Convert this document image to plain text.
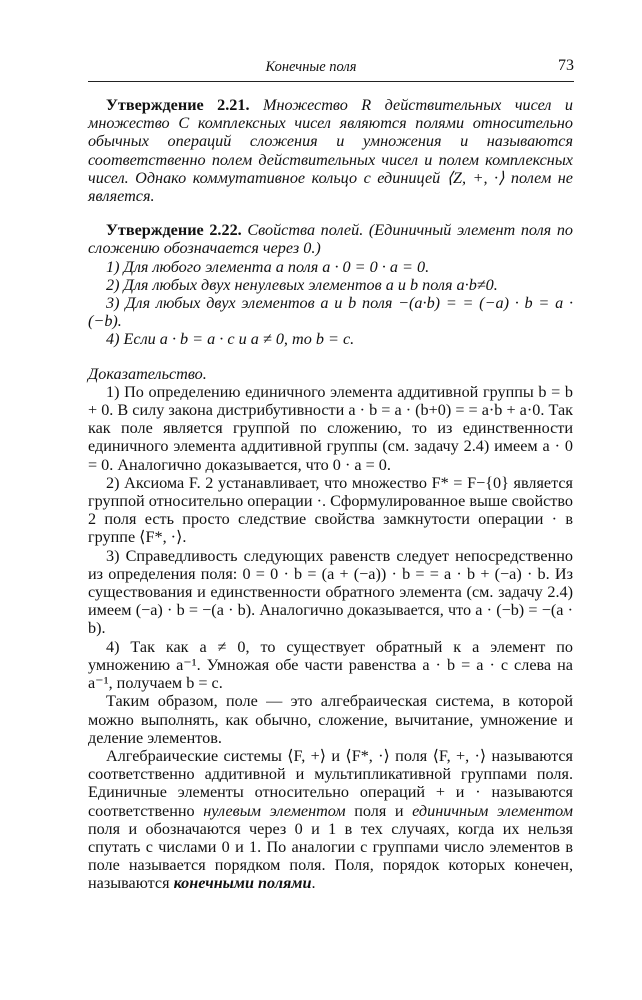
Конечные поля	73
Утверждение 2.21. Множество R действительных чисел и множество C комплексных чисел являются полями относительно обычных операций сложения и умножения и называются соответственно полем действительных чисел и полем комплексных чисел. Однако коммутативное кольцо с единицей ⟨Z, +, ·⟩ полем не является.
Утверждение 2.22. Свойства полей. (Единичный элемент поля по сложению обозначается через 0.)
1) Для любого элемента a поля a · 0 = 0 · a = 0.
2) Для любых двух ненулевых элементов a и b поля a·b≠0.
3) Для любых двух элементов a и b поля −(a·b) = = (−a) · b = a · (−b).
4) Если a · b = a · c и a ≠ 0, то b = c.
Доказательство.
1) По определению единичного элемента аддитивной группы b = b + 0. В силу закона дистрибутивности a · b = a · (b+0) = = a·b + a·0. Так как поле является группой по сложению, то из единственности единичного элемента аддитивной группы (см. задачу 2.4) имеем a · 0 = 0. Аналогично доказывается, что 0 · a = 0.
2) Аксиома F. 2 устанавливает, что множество F* = F−{0} является группой относительно операции ·. Сформулированное выше свойство 2 поля есть просто следствие свойства замкнутости операции · в группе ⟨F*, ·⟩.
3) Справедливость следующих равенств следует непосредственно из определения поля: 0 = 0 · b = (a + (−a)) · b = = a · b + (−a) · b. Из существования и единственности обратного элемента (см. задачу 2.4) имеем (−a) · b = −(a · b). Аналогично доказывается, что a · (−b) = −(a · b).
4) Так как a ≠ 0, то существует обратный к a элемент по умножению a⁻¹. Умножая обе части равенства a · b = a · c слева на a⁻¹, получаем b = c.
Таким образом, поле — это алгебраическая система, в которой можно выполнять, как обычно, сложение, вычитание, умножение и деление элементов.
Алгебраические системы ⟨F, +⟩ и ⟨F*, ·⟩ поля ⟨F, +, ·⟩ называются соответственно аддитивной и мультипликативной группами поля. Единичные элементы относительно операций + и · называются соответственно нулевым элементом поля и единичным элементом поля и обозначаются через 0 и 1 в тех случаях, когда их нельзя спутать с числами 0 и 1. По аналогии с группами число элементов в поле называется порядком поля. Поля, порядок которых конечен, называются конечными полями.
